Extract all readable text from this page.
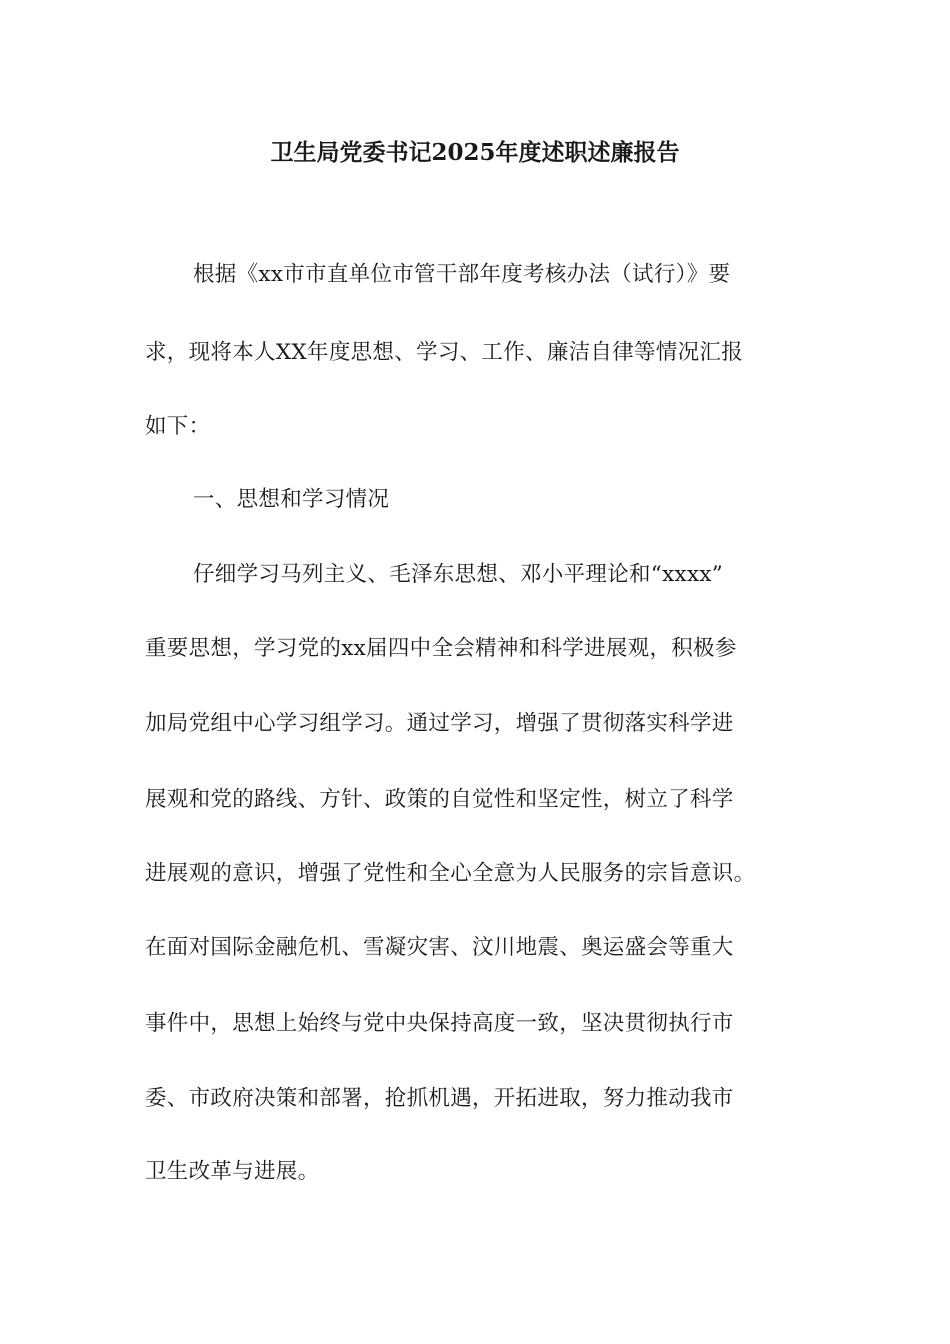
卫生局党委书记2025年度述职述廉报告
根据《xx市市直单位市管干部年度考核办法（试行）》要
求，现将本人XX年度思想、学习、工作、廉洁自律等情况汇报
如下：
一、思想和学习情况
仔细学习马列主义、毛泽东思想、邓小平理论和“xxxx”
重要思想，学习党的xx届四中全会精神和科学进展观，积极参
加局党组中心学习组学习。通过学习，增强了贯彻落实科学进
展观和党的路线、方针、政策的自觉性和坚定性，树立了科学
进展观的意识，增强了党性和全心全意为人民服务的宗旨意识。
在面对国际金融危机、雪凝灾害、汶川地震、奥运盛会等重大
事件中，思想上始终与党中央保持高度一致，坚决贯彻执行市
委、市政府决策和部署，抢抓机遇，开拓进取，努力推动我市
卫生改革与进展。
